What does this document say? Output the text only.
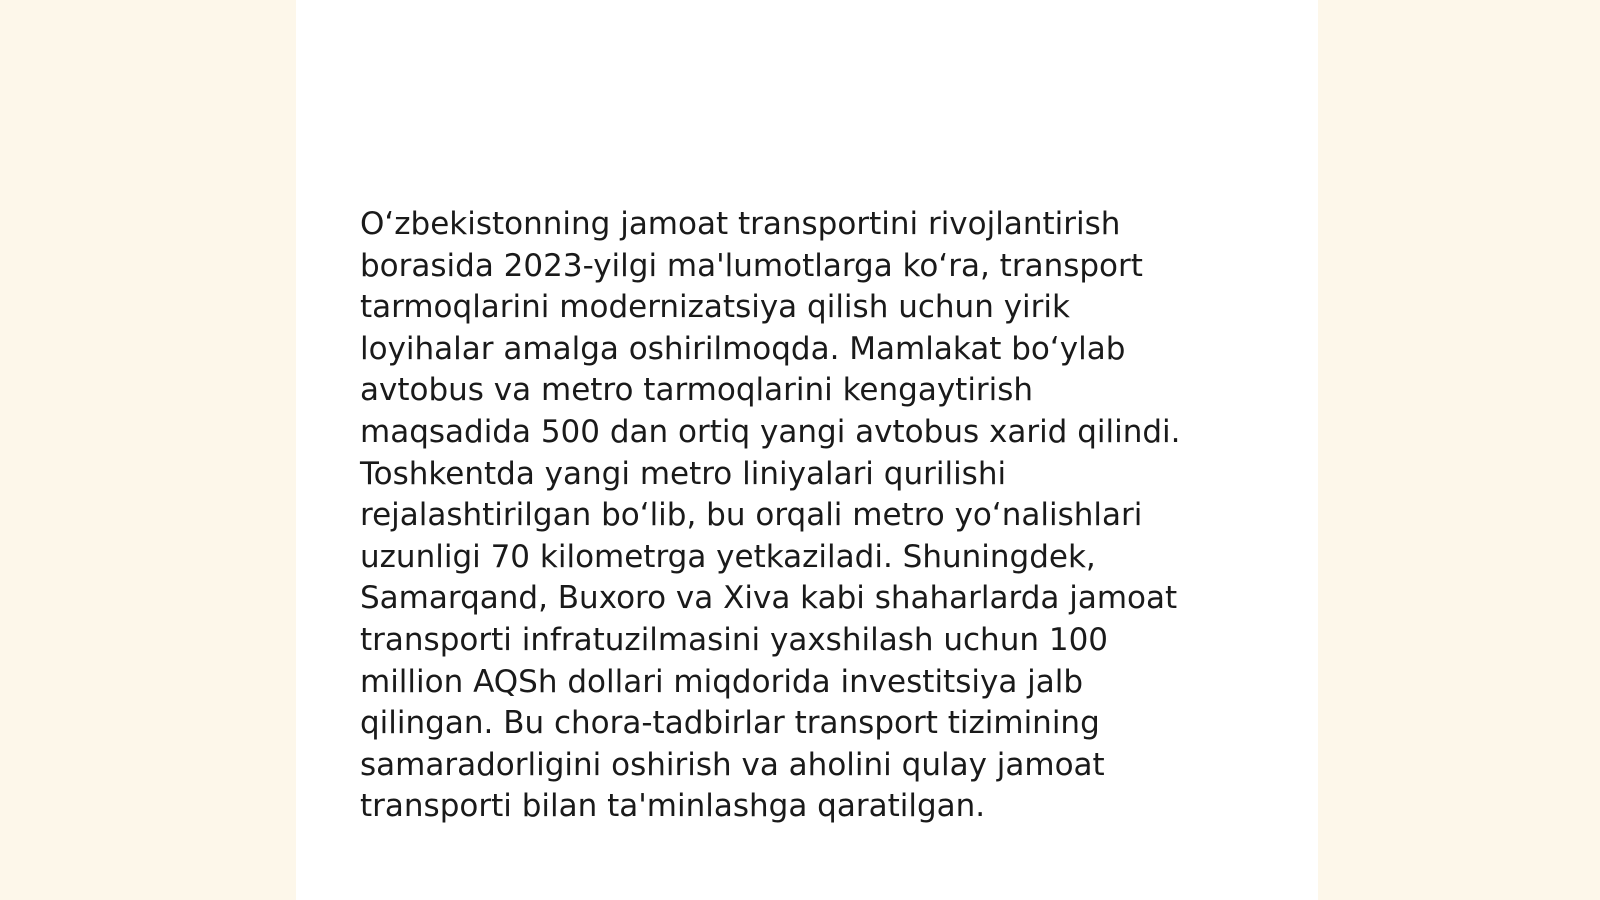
O‘zbekistonning jamoat transportini rivojlantirish
borasida 2023-yilgi ma'lumotlarga ko‘ra, transport
tarmoqlarini modernizatsiya qilish uchun yirik
loyihalar amalga oshirilmoqda. Mamlakat bo‘ylab
avtobus va metro tarmoqlarini kengaytirish
maqsadida 500 dan ortiq yangi avtobus xarid qilindi.
Toshkentda yangi metro liniyalari qurilishi
rejalashtirilgan bo‘lib, bu orqali metro yo‘nalishlari
uzunligi 70 kilometrga yetkaziladi. Shuningdek,
Samarqand, Buxoro va Xiva kabi shaharlarda jamoat
transporti infratuzilmasini yaxshilash uchun 100
million AQSh dollari miqdorida investitsiya jalb
qilingan. Bu chora-tadbirlar transport tizimining
samaradorligini oshirish va aholini qulay jamoat
transporti bilan ta'minlashga qaratilgan.
